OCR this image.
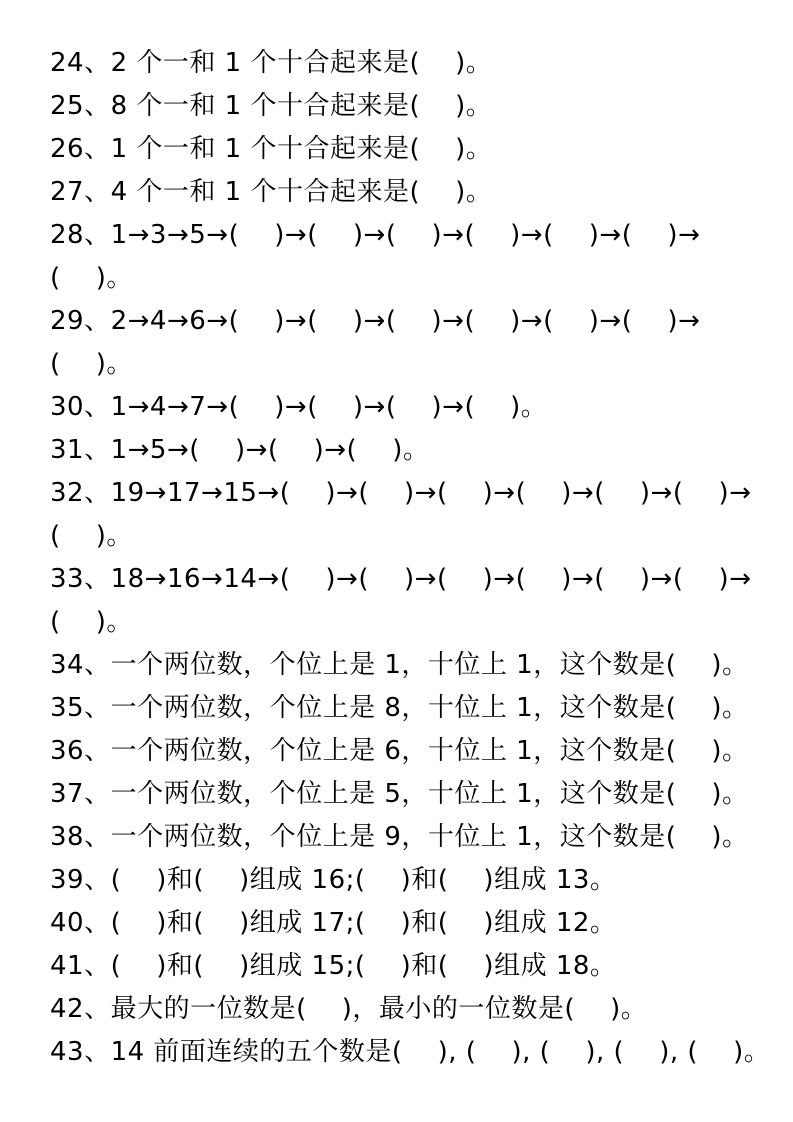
24、2 个一和 1 个十合起来是(    )。
25、8 个一和 1 个十合起来是(    )。
26、1 个一和 1 个十合起来是(    )。
27、4 个一和 1 个十合起来是(    )。
28、1→3→5→(    )→(    )→(    )→(    )→(    )→(    )→
(    )。
29、2→4→6→(    )→(    )→(    )→(    )→(    )→(    )→
(    )。
30、1→4→7→(    )→(    )→(    )→(    )。
31、1→5→(    )→(    )→(    )。
32、19→17→15→(    )→(    )→(    )→(    )→(    )→(    )→
(    )。
33、18→16→14→(    )→(    )→(    )→(    )→(    )→(    )→
(    )。
34、一个两位数，个位上是 1，十位上 1，这个数是(    )。
35、一个两位数，个位上是 8，十位上 1，这个数是(    )。
36、一个两位数，个位上是 6，十位上 1，这个数是(    )。
37、一个两位数，个位上是 5，十位上 1，这个数是(    )。
38、一个两位数，个位上是 9，十位上 1，这个数是(    )。
39、(    )和(    )组成 16;(    )和(    )组成 13。
40、(    )和(    )组成 17;(    )和(    )组成 12。
41、(    )和(    )组成 15;(    )和(    )组成 18。
42、最大的一位数是(    )，最小的一位数是(    )。
43、14 前面连续的五个数是(    ), (    ), (    ), (    ), (    )。
